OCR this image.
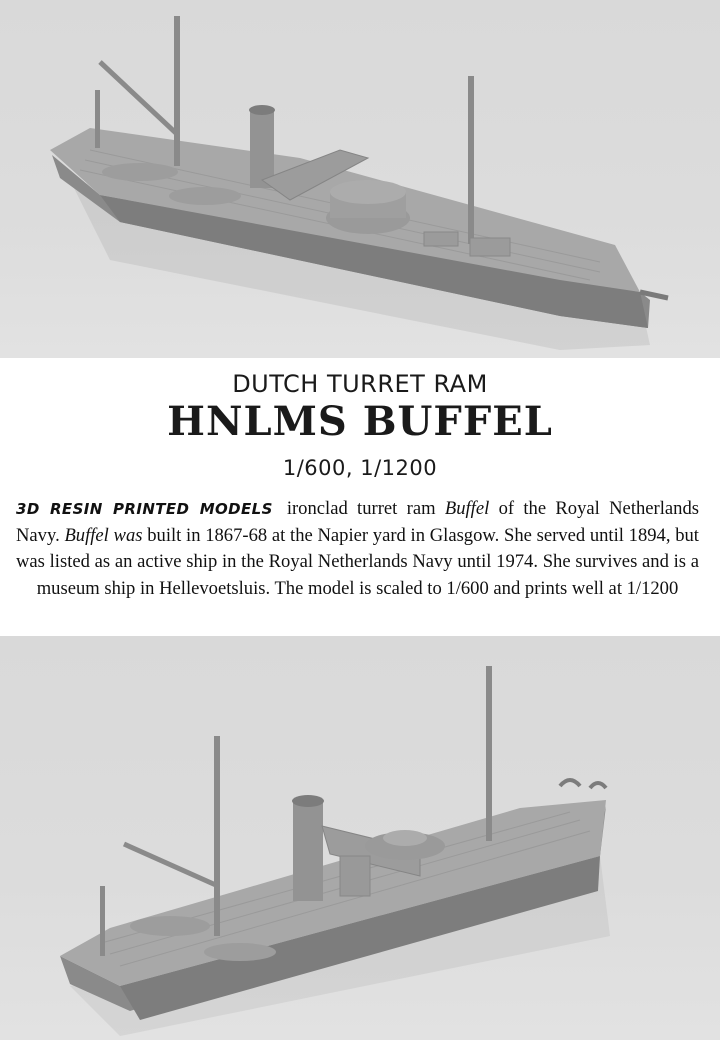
DUTCH TURRET RAM
HNLMS BUFFEL
1/600, 1/1200
3D RESIN PRINTED MODELS ironclad turret ram Buffel of the Royal Netherlands Navy. Buffel was built in 1867-68 at the Napier yard in Glasgow. She served until 1894, but was listed as an active ship in the Royal Netherlands Navy until 1974. She survives and is a museum ship in Hellevoetsluis. The model is scaled to 1/600 and prints well at 1/1200
